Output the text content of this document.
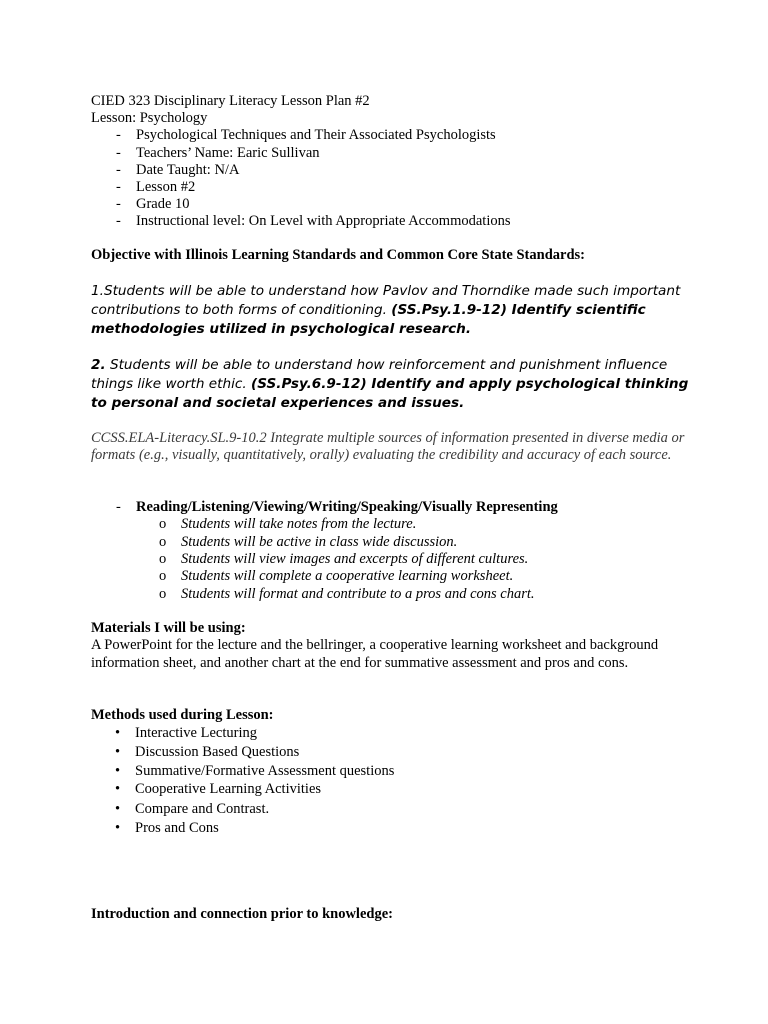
CIED 323 Disciplinary Literacy Lesson Plan #2
Lesson: Psychology
- Psychological Techniques and Their Associated Psychologists
- Teachers’ Name: Earic Sullivan
- Date Taught: N/A
- Lesson #2
- Grade 10
- Instructional level: On Level with Appropriate Accommodations
Objective with Illinois Learning Standards and Common Core State Standards:
1.Students will be able to understand how Pavlov and Thorndike made such important contributions to both forms of conditioning. (SS.Psy.1.9-12) Identify scientific methodologies utilized in psychological research.
2. Students will be able to understand how reinforcement and punishment influence things like worth ethic. (SS.Psy.6.9-12) Identify and apply psychological thinking to personal and societal experiences and issues.
CCSS.ELA-Literacy.SL.9-10.2 Integrate multiple sources of information presented in diverse media or formats (e.g., visually, quantitatively, orally) evaluating the credibility and accuracy of each source.
- Reading/Listening/Viewing/Writing/Speaking/Visually Representing
o Students will take notes from the lecture.
o Students will be active in class wide discussion.
o Students will view images and excerpts of different cultures.
o Students will complete a cooperative learning worksheet.
o Students will format and contribute to a pros and cons chart.
Materials I will be using:
A PowerPoint for the lecture and the bellringer, a cooperative learning worksheet and background information sheet, and another chart at the end for summative assessment and pros and cons.
Methods used during Lesson:
• Interactive Lecturing
• Discussion Based Questions
• Summative/Formative Assessment questions
• Cooperative Learning Activities
• Compare and Contrast.
• Pros and Cons
Introduction and connection prior to knowledge:
